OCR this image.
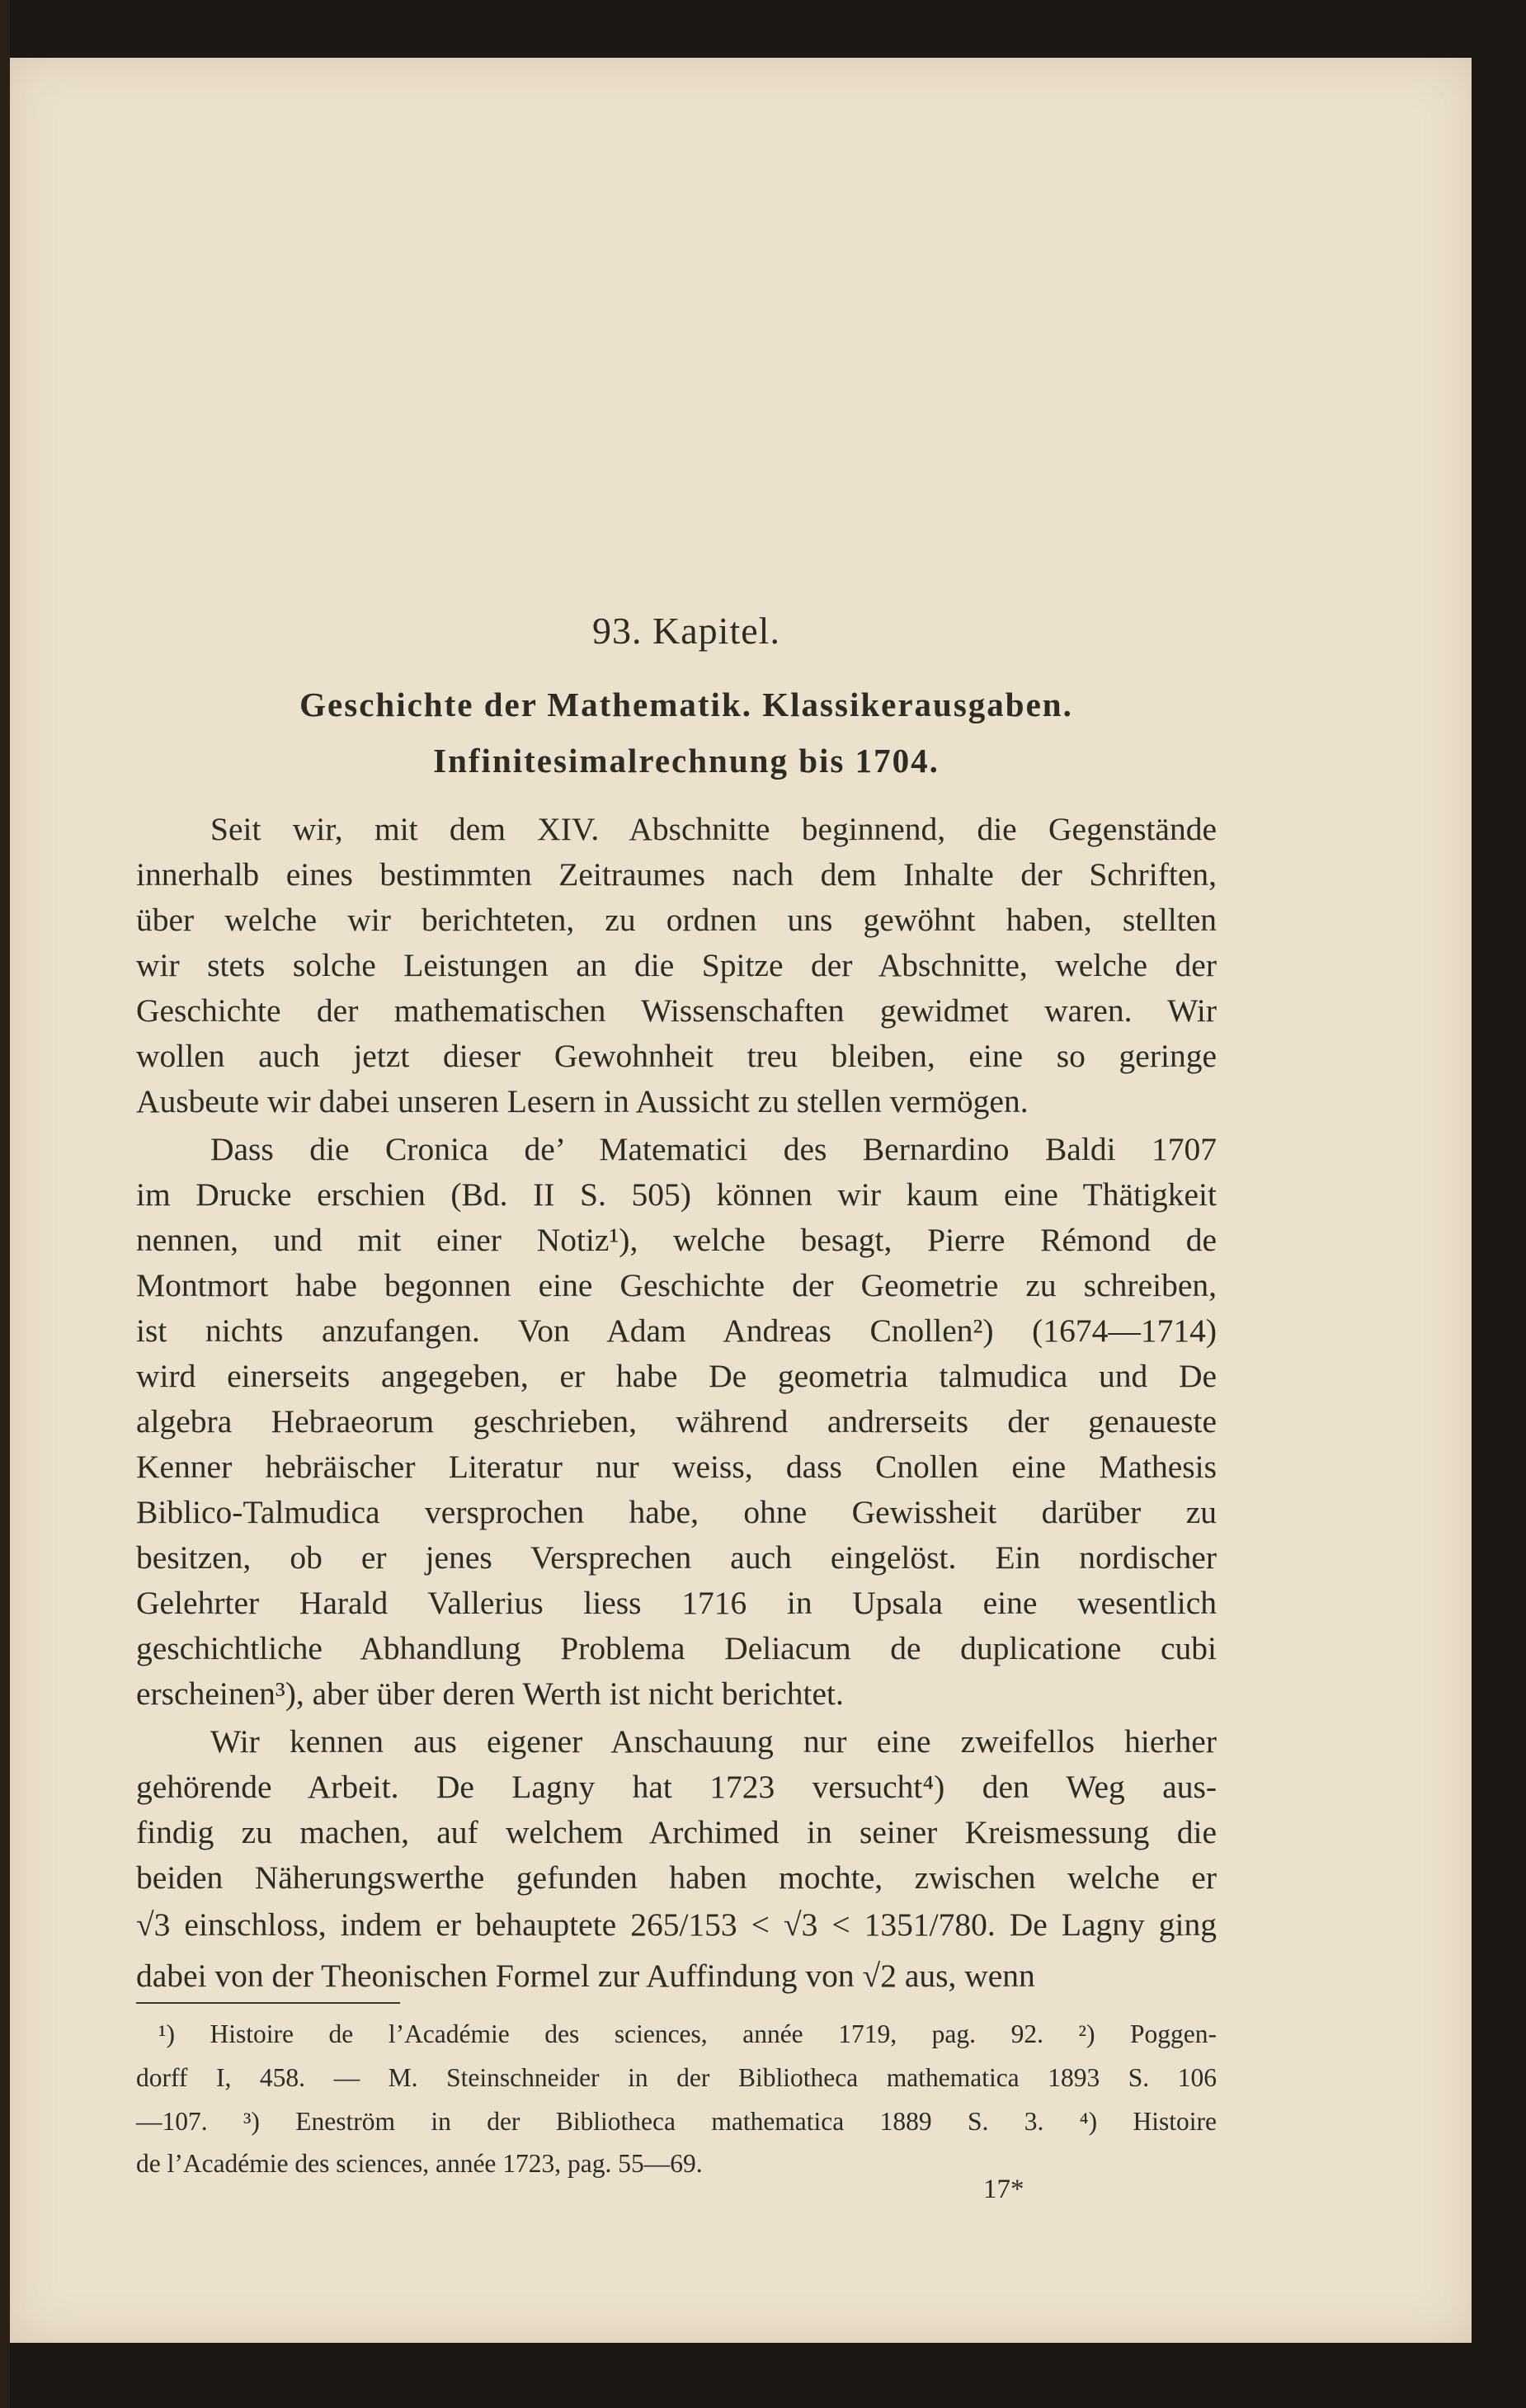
93. Kapitel.
Geschichte der Mathematik. Klassikerausgaben.
Infinitesimalrechnung bis 1704.
Seit wir, mit dem XIV. Abschnitte beginnend, die Gegenstände
innerhalb eines bestimmten Zeitraumes nach dem Inhalte der Schriften,
über welche wir berichteten, zu ordnen uns gewöhnt haben, stellten
wir stets solche Leistungen an die Spitze der Abschnitte, welche der
Geschichte der mathematischen Wissenschaften gewidmet waren. Wir
wollen auch jetzt dieser Gewohnheit treu bleiben, eine so geringe
Ausbeute wir dabei unseren Lesern in Aussicht zu stellen vermögen.
Dass die Cronica de’ Matematici des Bernardino Baldi 1707
im Drucke erschien (Bd. II S. 505) können wir kaum eine Thätigkeit
nennen, und mit einer Notiz¹), welche besagt, Pierre Rémond de
Montmort habe begonnen eine Geschichte der Geometrie zu schreiben,
ist nichts anzufangen. Von Adam Andreas Cnollen²) (1674—1714)
wird einerseits angegeben, er habe De geometria talmudica und De
algebra Hebraeorum geschrieben, während andrerseits der genaueste
Kenner hebräischer Literatur nur weiss, dass Cnollen eine Mathesis
Biblico-Talmudica versprochen habe, ohne Gewissheit darüber zu
besitzen, ob er jenes Versprechen auch eingelöst. Ein nordischer
Gelehrter Harald Vallerius liess 1716 in Upsala eine wesentlich
geschichtliche Abhandlung Problema Deliacum de duplicatione cubi
erscheinen³), aber über deren Werth ist nicht berichtet.
Wir kennen aus eigener Anschauung nur eine zweifellos hierher
gehörende Arbeit. De Lagny hat 1723 versucht⁴) den Weg aus-
findig zu machen, auf welchem Archimed in seiner Kreismessung die
beiden Näherungswerthe gefunden haben mochte, zwischen welche er
√3 einschloss, indem er behauptete 265/153 < √3 < 1351/780. De Lagny ging
dabei von der Theonischen Formel zur Auffindung von √2 aus, wenn
¹) Histoire de l’Académie des sciences, année 1719, pag. 92. ²) Poggen-
dorff I, 458. — M. Steinschneider in der Bibliotheca mathematica 1893 S. 106
—107. ³) Eneström in der Bibliotheca mathematica 1889 S. 3. ⁴) Histoire
de l’Académie des sciences, année 1723, pag. 55—69.
17*
